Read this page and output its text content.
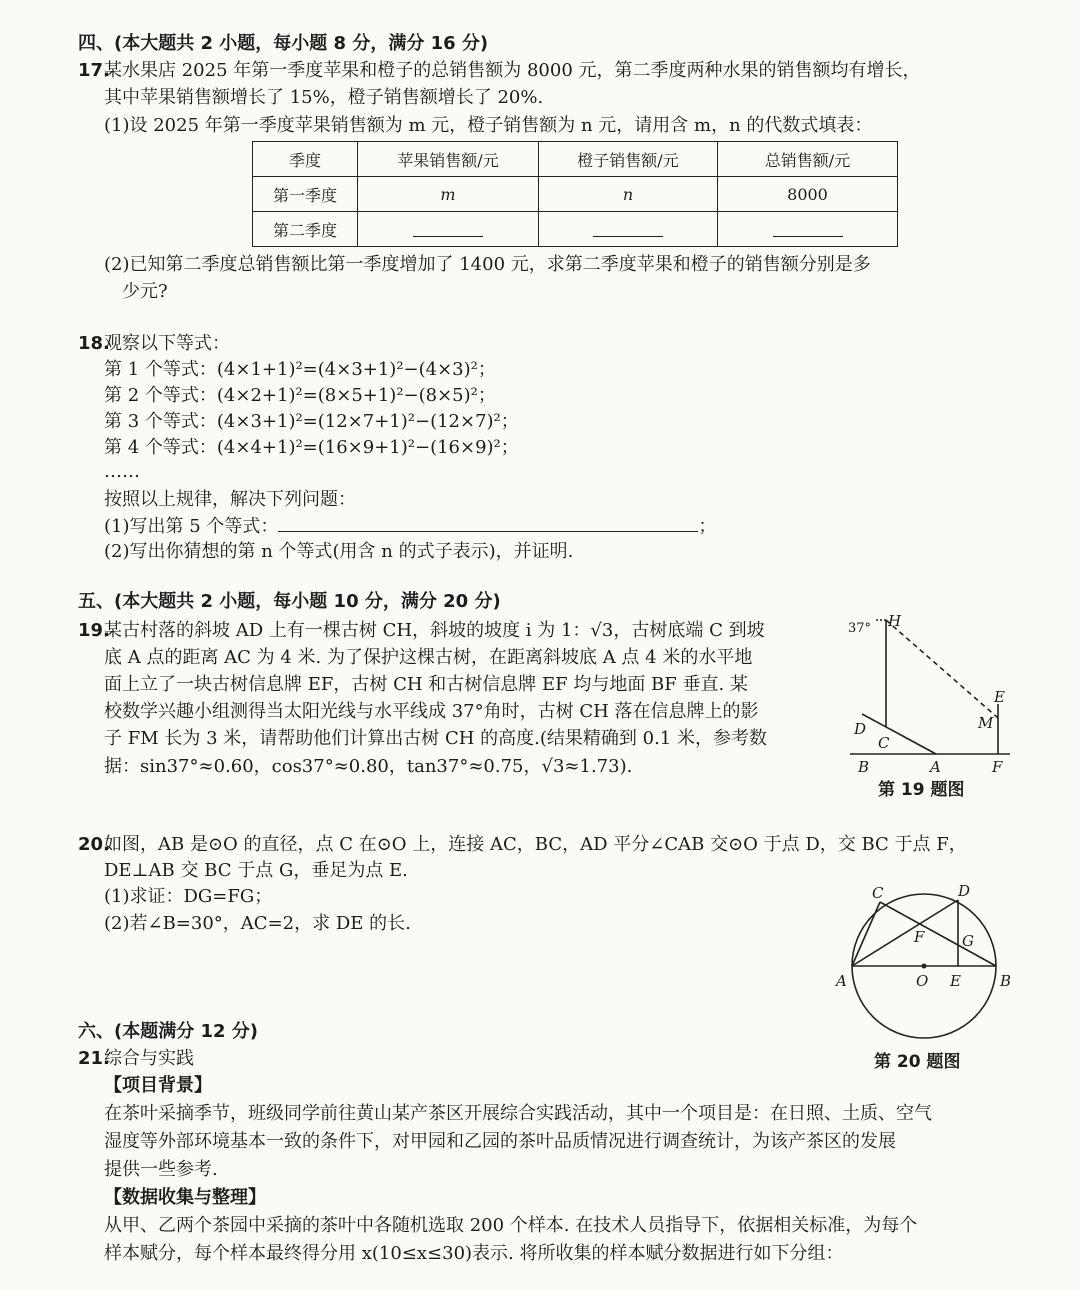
四、(本大题共 2 小题，每小题 8 分，满分 16 分)
17.
某水果店 2025 年第一季度苹果和橙子的总销售额为 8000 元，第二季度两种水果的销售额均有增长，
其中苹果销售额增长了 15%，橙子销售额增长了 20%.
(1)设 2025 年第一季度苹果销售额为 m 元，橙子销售额为 n 元，请用含 m，n 的代数式填表：
季度	苹果销售额/元	橙子销售额/元	总销售额/元
第一季度	m	n	8000
第二季度			
(2)已知第二季度总销售额比第一季度增加了 1400 元，求第二季度苹果和橙子的销售额分别是多
少元?
18.
观察以下等式：
第 1 个等式：(4×1+1)²=(4×3+1)²−(4×3)²；
第 2 个等式：(4×2+1)²=(8×5+1)²−(8×5)²；
第 3 个等式：(4×3+1)²=(12×7+1)²−(12×7)²；
第 4 个等式：(4×4+1)²=(16×9+1)²−(16×9)²；
……
按照以上规律，解决下列问题：
(1)写出第 5 个等式：	；
(2)写出你猜想的第 n 个等式(用含 n 的式子表示)，并证明.
五、(本大题共 2 小题，每小题 10 分，满分 20 分)
19.
某古村落的斜坡 AD 上有一棵古树 CH，斜坡的坡度 i 为 1：√3，古树底端 C 到坡
底 A 点的距离 AC 为 4 米. 为了保护这棵古树，在距离斜坡底 A 点 4 米的水平地
面上立了一块古树信息牌 EF，古树 CH 和古树信息牌 EF 均与地面 BF 垂直. 某
校数学兴趣小组测得当太阳光线与水平线成 37°角时，古树 CH 落在信息牌上的影
子 FM 长为 3 米，请帮助他们计算出古树 CH 的高度.(结果精确到 0.1 米，参考数
据：sin37°≈0.60，cos37°≈0.80，tan37°≈0.75，√3≈1.73).
37° H
E
M
D
C
B	A	F
第 19 题图
20.
如图，AB 是⊙O 的直径，点 C 在⊙O 上，连接 AC，BC，AD 平分∠CAB 交⊙O 于点 D，交 BC 于点 F，
DE⊥AB 交 BC 于点 G，垂足为点 E.
(1)求证：DG=FG；
(2)若∠B=30°，AC=2，求 DE 的长.
C	D
F	G
A	O E	B
第 20 题图
六、(本题满分 12 分)
21.
综合与实践
【项目背景】
在茶叶采摘季节，班级同学前往黄山某产茶区开展综合实践活动，其中一个项目是：在日照、土质、空气
湿度等外部环境基本一致的条件下，对甲园和乙园的茶叶品质情况进行调查统计，为该产茶区的发展
提供一些参考.
【数据收集与整理】
从甲、乙两个茶园中采摘的茶叶中各随机选取 200 个样本. 在技术人员指导下，依据相关标准，为每个
样本赋分，每个样本最终得分用 x(10≤x≤30)表示. 将所收集的样本赋分数据进行如下分组：
